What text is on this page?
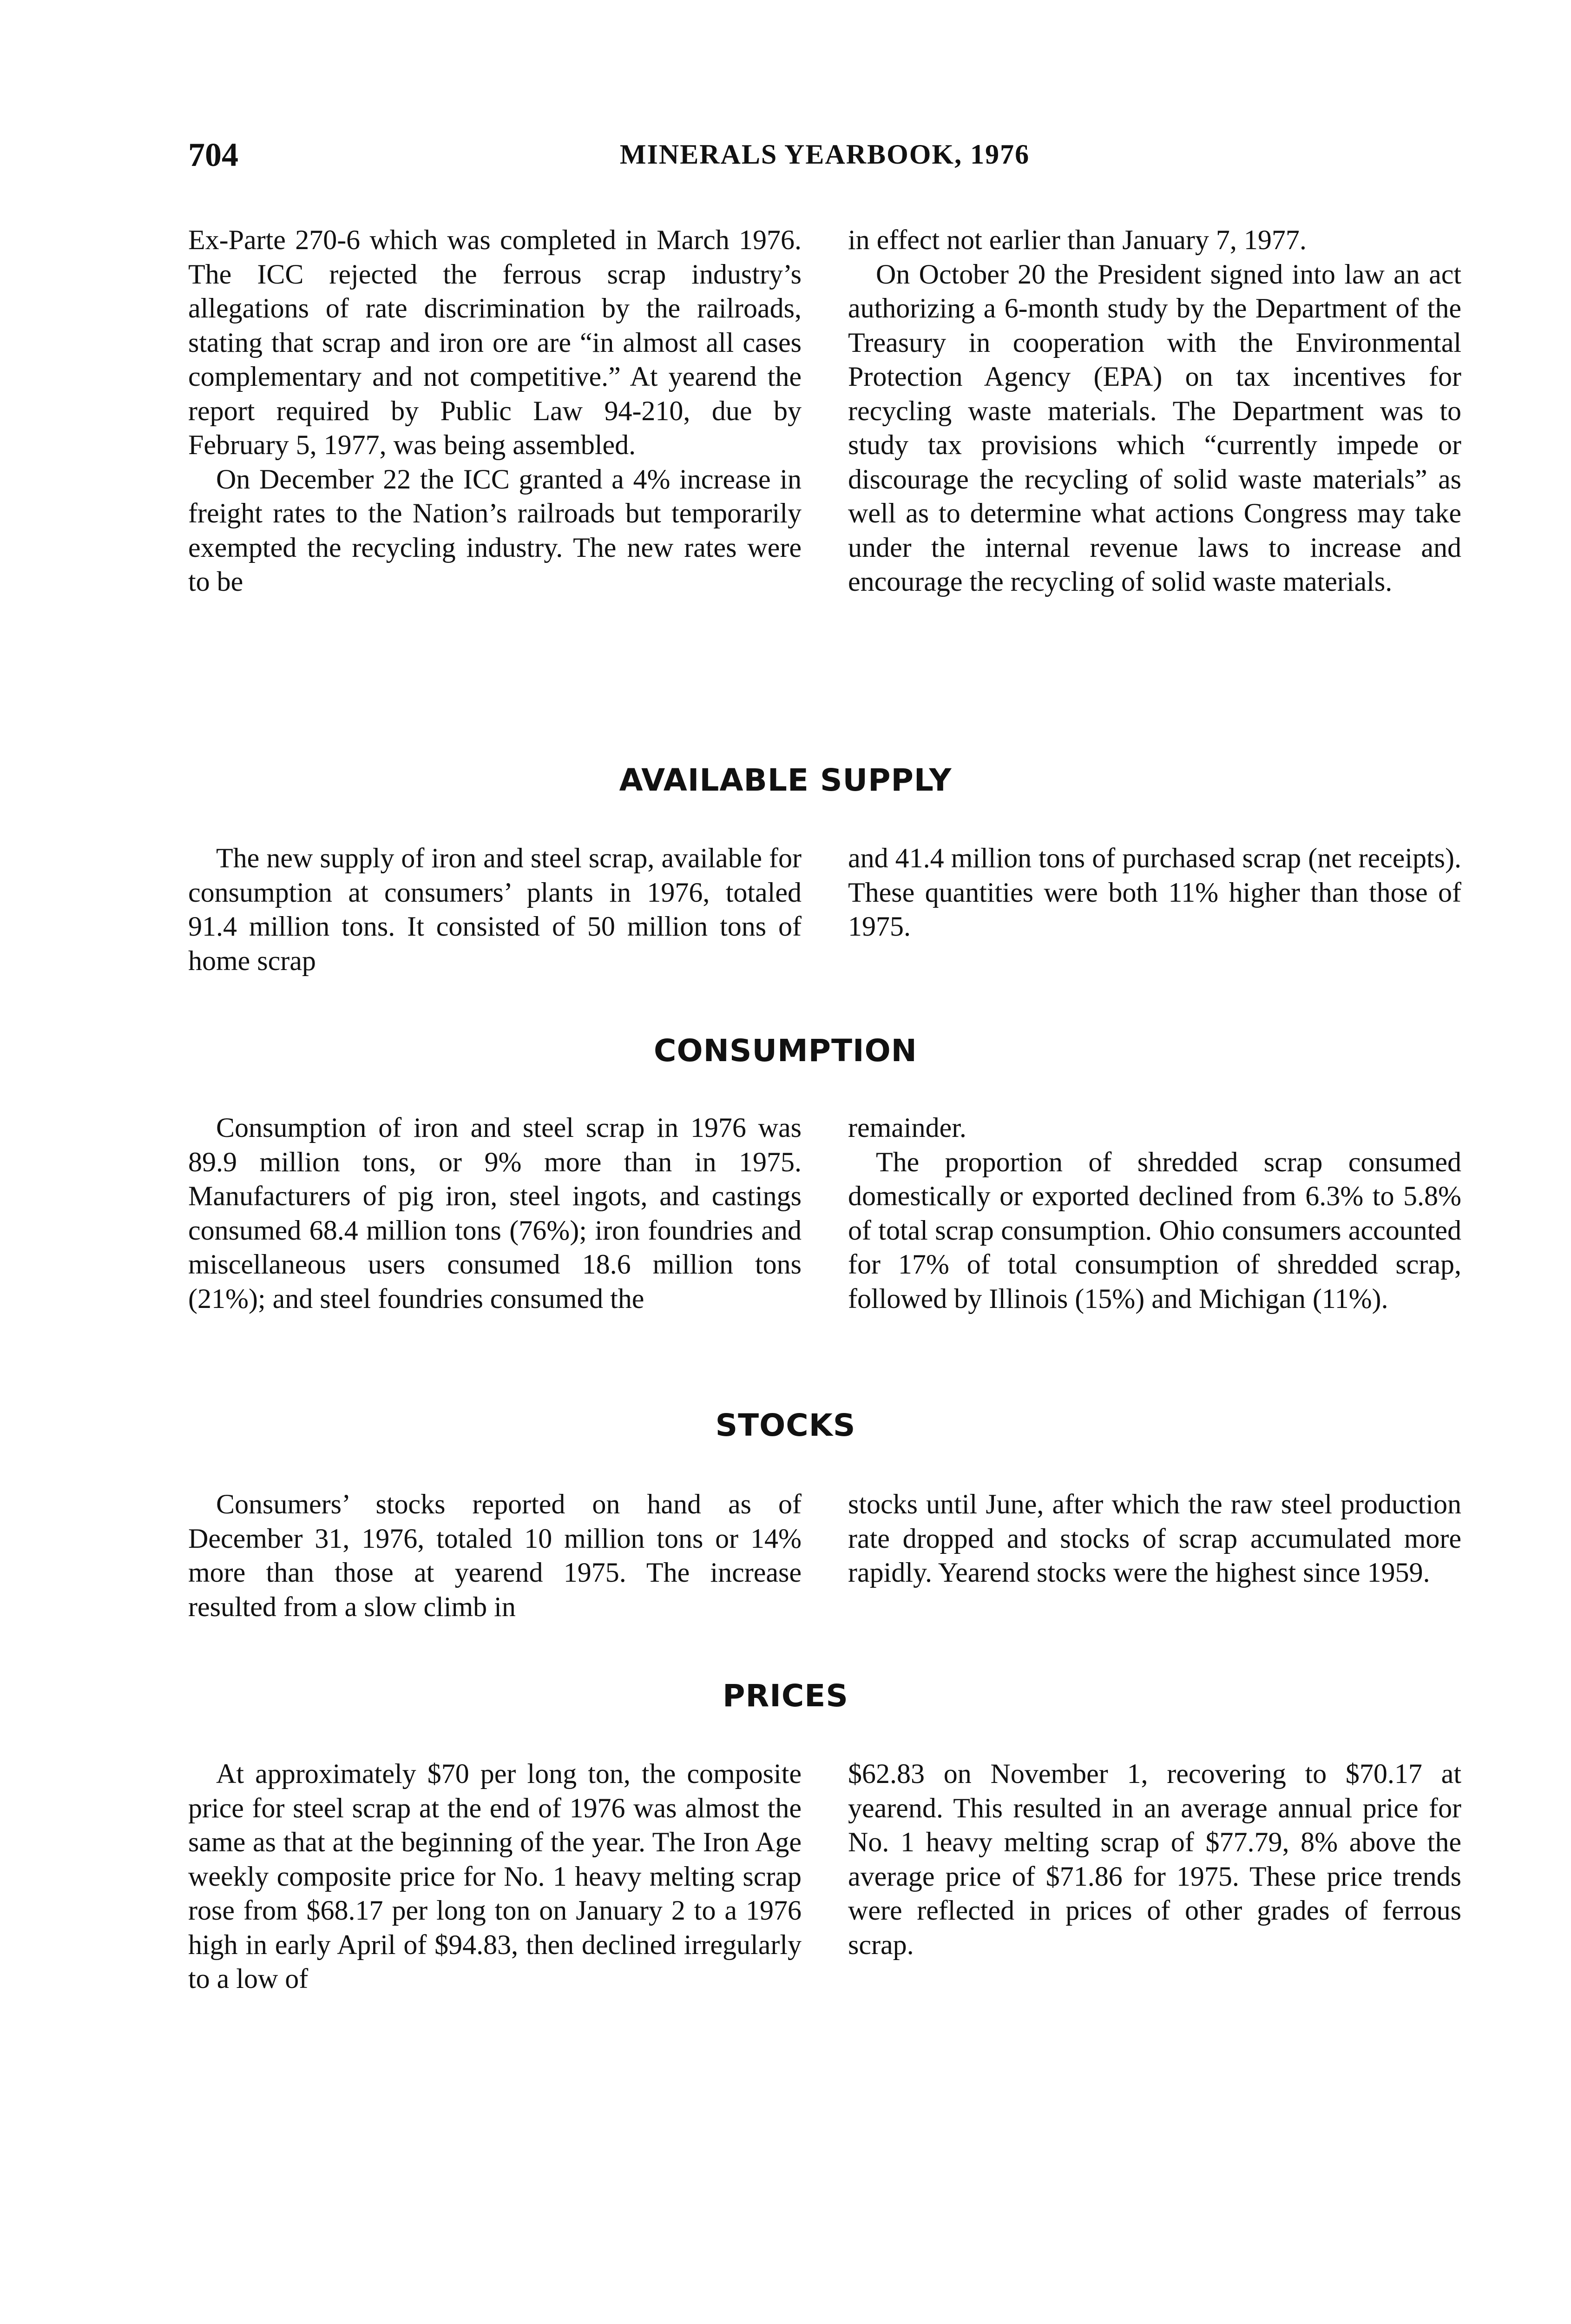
704	MINERALS YEARBOOK, 1976

Ex-Parte 270-6 which was completed in March 1976. The ICC rejected the ferrous scrap industry’s allegations of rate discrimination by the railroads, stating that scrap and iron ore are “in almost all cases complementary and not competitive.” At yearend the report required by Public Law 94-210, due by February 5, 1977, was being assembled.

On December 22 the ICC granted a 4% increase in freight rates to the Nation’s railroads but temporarily exempted the recycling industry. The new rates were to be

in effect not earlier than January 7, 1977.

On October 20 the President signed into law an act authorizing a 6-month study by the Department of the Treasury in cooperation with the Environmental Protection Agency (EPA) on tax incentives for recycling waste materials. The Department was to study tax provisions which “currently impede or discourage the recycling of solid waste materials” as well as to determine what actions Congress may take under the internal revenue laws to increase and encourage the recycling of solid waste materials.

AVAILABLE SUPPLY

The new supply of iron and steel scrap, available for consumption at consumers’ plants in 1976, totaled 91.4 million tons. It consisted of 50 million tons of home scrap

and 41.4 million tons of purchased scrap (net receipts). These quantities were both 11% higher than those of 1975.

CONSUMPTION

Consumption of iron and steel scrap in 1976 was 89.9 million tons, or 9% more than in 1975. Manufacturers of pig iron, steel ingots, and castings consumed 68.4 million tons (76%); iron foundries and miscellaneous users consumed 18.6 million tons (21%); and steel foundries consumed the

remainder.

The proportion of shredded scrap consumed domestically or exported declined from 6.3% to 5.8% of total scrap consumption. Ohio consumers accounted for 17% of total consumption of shredded scrap, followed by Illinois (15%) and Michigan (11%).

STOCKS

Consumers’ stocks reported on hand as of December 31, 1976, totaled 10 million tons or 14% more than those at yearend 1975. The increase resulted from a slow climb in

stocks until June, after which the raw steel production rate dropped and stocks of scrap accumulated more rapidly. Yearend stocks were the highest since 1959.

PRICES

At approximately $70 per long ton, the composite price for steel scrap at the end of 1976 was almost the same as that at the beginning of the year. The Iron Age weekly composite price for No. 1 heavy melting scrap rose from $68.17 per long ton on January 2 to a 1976 high in early April of $94.83, then declined irregularly to a low of

$62.83 on November 1, recovering to $70.17 at yearend. This resulted in an average annual price for No. 1 heavy melting scrap of $77.79, 8% above the average price of $71.86 for 1975. These price trends were reflected in prices of other grades of ferrous scrap.
